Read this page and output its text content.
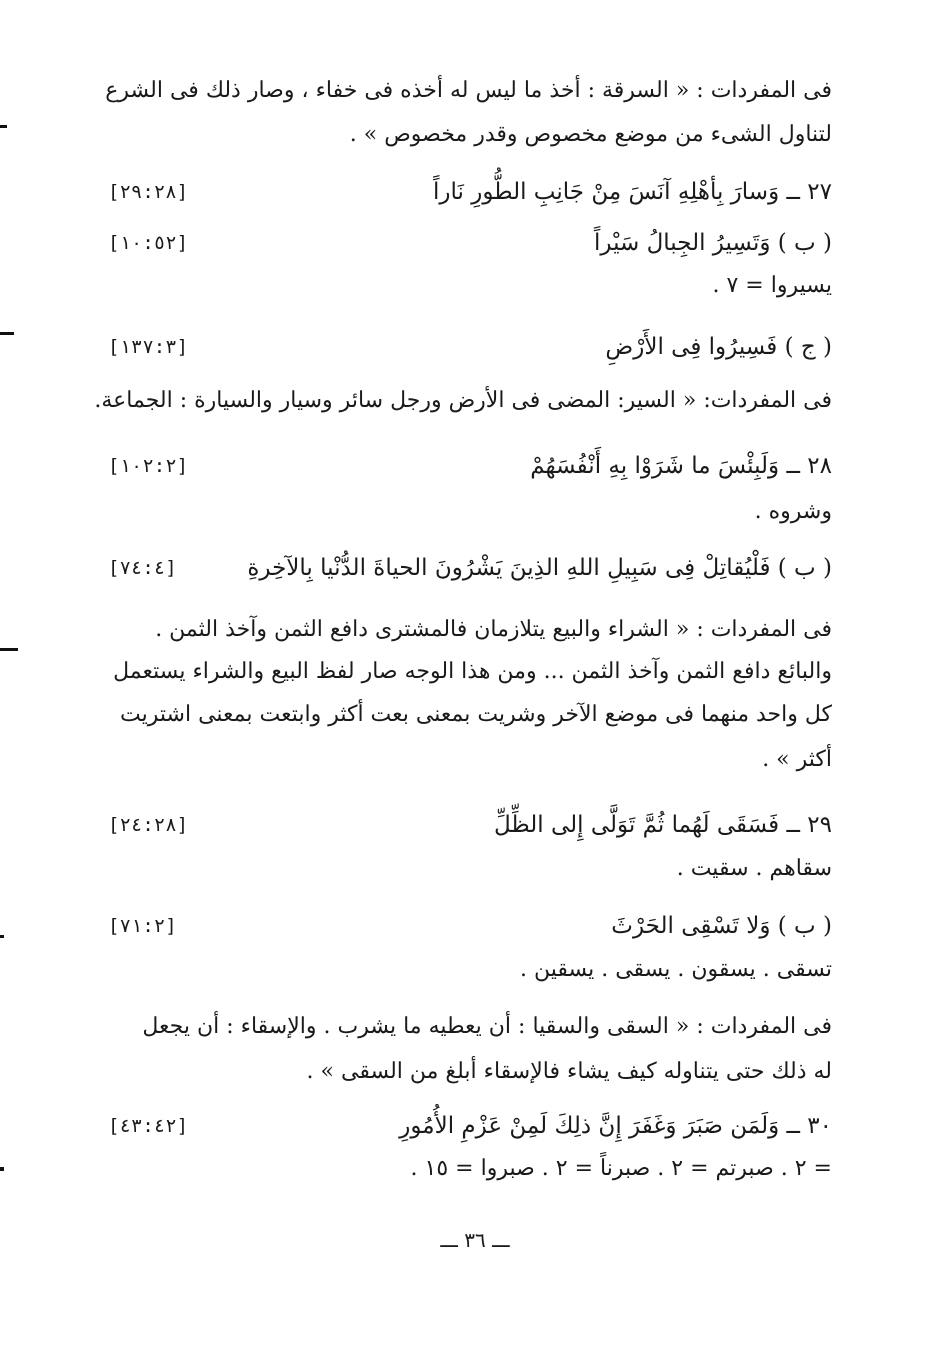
فى المفردات : « السرقة : أخذ ما ليس له أخذه فى خفاء ، وصار ذلك فى الشرع
لتناول الشىء من موضع مخصوص وقدر مخصوص » .
٢٧ ــ وَسارَ بِأهْلِهِ آنَسَ مِنْ جَانِبِ الطُّورِ نَاراً
[٢٩:٢٨]
( ب ) وَتَسِيرُ الجِبالُ سَيْراً
[١٠:٥٢]
يسيروا = ٧ .
( ج ) فَسِيرُوا فِى الأَرْضِ
[١٣٧:٣]
فى المفردات: « السير: المضى فى الأرض ورجل سائر وسيار والسيارة : الجماعة.
٢٨ ــ وَلَبِئْسَ ما شَرَوْا بِهِ أَنْفُسَهُمْ
[١٠٢:٢]
وشروه .
( ب ) فَلْيُقاتِلْ فِى سَبِيلِ اللهِ الذِينَ يَشْرُونَ الحياةَ الدُّنْيا بِالآخِرةِ
[٧٤:٤]
فى المفردات : « الشراء والبيع يتلازمان فالمشترى دافع الثمن وآخذ الثمن .
والبائع دافع الثمن وآخذ الثمن ... ومن هذا الوجه صار لفظ البيع والشراء يستعمل
كل واحد منهما فى موضع الآخر وشريت بمعنى بعت أكثر وابتعت بمعنى اشتريت
أكثر » .
٢٩ ــ فَسَقَى لَهُما ثُمَّ تَوَلَّى إِلى الظِّلِّ
[٢٤:٢٨]
سقاهم . سقيت .
( ب ) وَلا تَسْقِى الحَرْثَ
[٧١:٢]
تسقى . يسقون . يسقى . يسقين .
فى المفردات : « السقى والسقيا : أن يعطيه ما يشرب . والإسقاء : أن يجعل
له ذلك حتى يتناوله كيف يشاء فالإسقاء أبلغ من السقى » .
٣٠ ــ وَلَمَن صَبَرَ وَغَفَرَ إِنَّ ذلِكَ لَمِنْ عَزْمِ الأُمُورِ
[٤٣:٤٢]
= ٢ . صبرتم = ٢ . صبرناً = ٢ . صبروا = ١٥ .
ـــ ٣٦ ـــ
